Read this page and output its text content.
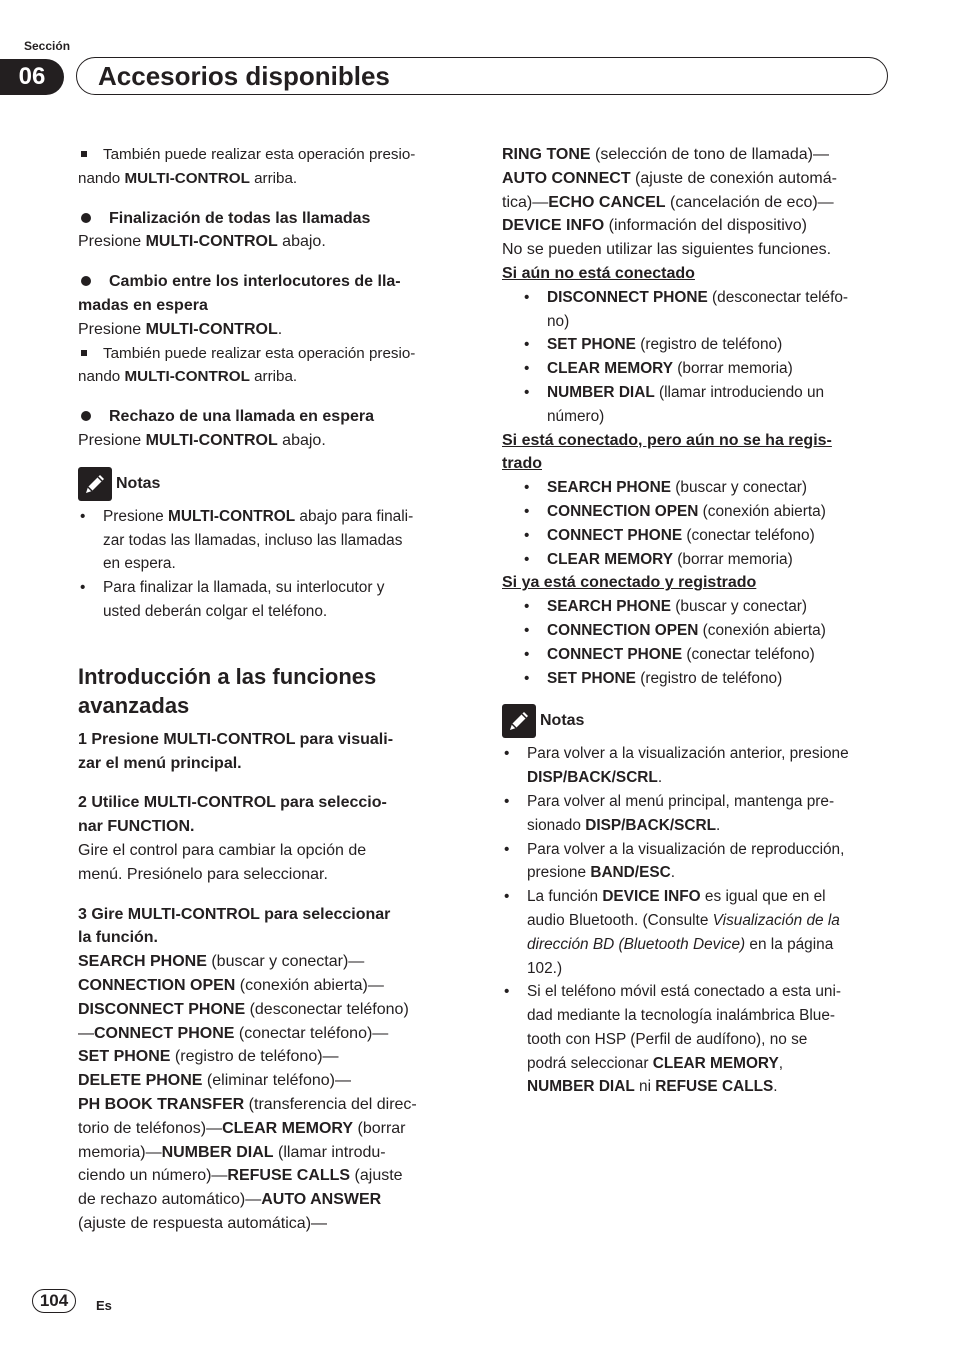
Sección
06	Accesorios disponibles
También puede realizar esta operación presio-
nando MULTI-CONTROL arriba.
Finalización de todas las llamadas

Presione MULTI-CONTROL abajo.

Cambio entre los interlocutores de lla-
madas en espera

Presione MULTI-CONTROL.

También puede realizar esta operación presio-
nando MULTI-CONTROL arriba.
Rechazo de una llamada en espera

Presione MULTI-CONTROL abajo.

Notas
• Presione MULTI-CONTROL abajo para finali-
zar todas las llamadas, incluso las llamadas
en espera.
• Para finalizar la llamada, su interlocutor y
usted deberán colgar el teléfono.
Introducción a las funciones
avanzadas

1 Presione MULTI-CONTROL para visuali-
zar el menú principal.

2 Utilice MULTI-CONTROL para seleccio-
nar FUNCTION.

Gire el control para cambiar la opción de
menú. Presiónelo para seleccionar.

3 Gire MULTI-CONTROL para seleccionar
la función.

SEARCH PHONE (buscar y conectar)—
CONNECTION OPEN (conexión abierta)—
DISCONNECT PHONE (desconectar teléfono)
—CONNECT PHONE (conectar teléfono)—
SET PHONE (registro de teléfono)—
DELETE PHONE (eliminar teléfono)—
PH BOOK TRANSFER (transferencia del direc-
torio de teléfonos)—CLEAR MEMORY (borrar
memoria)—NUMBER DIAL (llamar introdu-
ciendo un número)—REFUSE CALLS (ajuste
de rechazo automático)—AUTO ANSWER
(ajuste de respuesta automática)—

RING TONE (selección de tono de llamada)—
AUTO CONNECT (ajuste de conexión automá-
tica)—ECHO CANCEL (cancelación de eco)—
DEVICE INFO (información del dispositivo)
No se pueden utilizar las siguientes funciones.

Si aún no está conectado

• DISCONNECT PHONE (desconectar teléfo-
no)
• SET PHONE (registro de teléfono)
• CLEAR MEMORY (borrar memoria)
• NUMBER DIAL (llamar introduciendo un
número)

Si está conectado, pero aún no se ha regis-
trado

• SEARCH PHONE (buscar y conectar)
• CONNECTION OPEN (conexión abierta)
• CONNECT PHONE (conectar teléfono)
• CLEAR MEMORY (borrar memoria)

Si ya está conectado y registrado

• SEARCH PHONE (buscar y conectar)
• CONNECTION OPEN (conexión abierta)
• CONNECT PHONE (conectar teléfono)
• SET PHONE (registro de teléfono)
Notas
• Para volver a la visualización anterior, presione
DISP/BACK/SCRL.
• Para volver al menú principal, mantenga pre-
sionado DISP/BACK/SCRL.
• Para volver a la visualización de reproducción,
presione BAND/ESC.
• La función DEVICE INFO es igual que en el
audio Bluetooth. (Consulte Visualización de la
dirección BD (Bluetooth Device) en la página
102.)
• Si el teléfono móvil está conectado a esta uni-
dad mediante la tecnología inalámbrica Blue-
tooth con HSP (Perfil de audífono), no se
podrá seleccionar CLEAR MEMORY,
NUMBER DIAL ni REFUSE CALLS.
104	Es
